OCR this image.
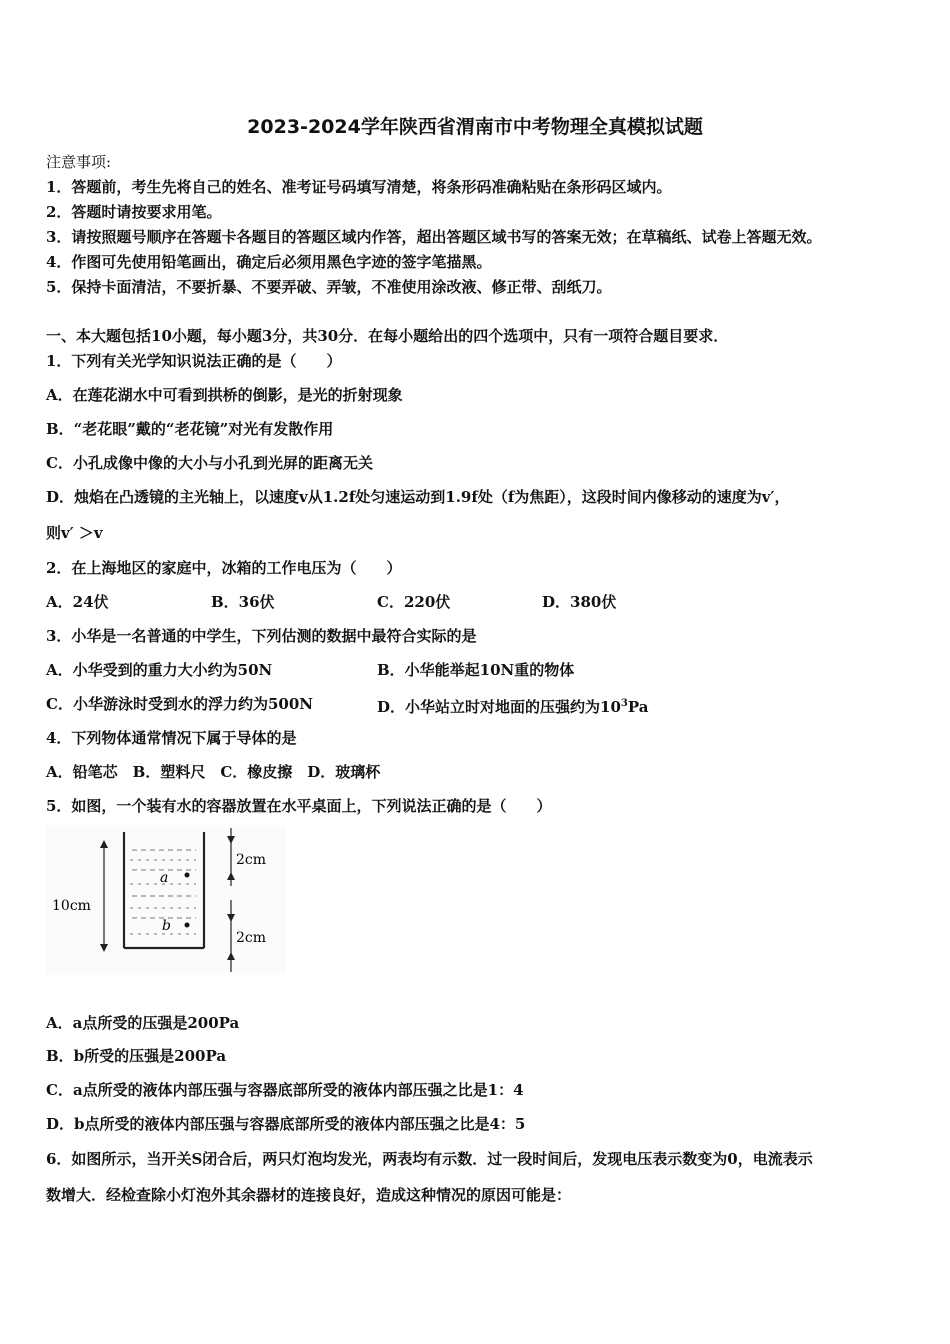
2023-2024学年陕西省渭南市中考物理全真模拟试题
注意事项:
1．答题前，考生先将自己的姓名、准考证号码填写清楚，将条形码准确粘贴在条形码区域内。
2．答题时请按要求用笔。
3．请按照题号顺序在答题卡各题目的答题区域内作答，超出答题区域书写的答案无效；在草稿纸、试卷上答题无效。
4．作图可先使用铅笔画出，确定后必须用黑色字迹的签字笔描黑。
5．保持卡面清洁，不要折暴、不要弄破、弄皱，不准使用涂改液、修正带、刮纸刀。
一、本大题包括10小题，每小题3分，共30分．在每小题给出的四个选项中，只有一项符合题目要求．
1．下列有关光学知识说法正确的是（　　）
A．在莲花湖水中可看到拱桥的倒影，是光的折射现象
B．“老花眼”戴的“老花镜”对光有发散作用
C．小孔成像中像的大小与小孔到光屏的距离无关
D．烛焰在凸透镜的主光轴上，以速度v从1.2f处匀速运动到1.9f处（f为焦距），这段时间内像移动的速度为v′，
则v′ ＞v
2．在上海地区的家庭中，冰箱的工作电压为（　　）
A．24伏	B．36伏	C．220伏	D．380伏
3．小华是一名普通的中学生，下列估测的数据中最符合实际的是
A．小华受到的重力大小约为50N	B．小华能举起10N重的物体
C．小华游泳时受到水的浮力约为500N	D．小华站立时对地面的压强约为$10^3Pa$
4．下列物体通常情况下属于导体的是
A．铅笔芯　B．塑料尺　C．橡皮擦　D．玻璃杯
5．如图，一个装有水的容器放置在水平桌面上，下列说法正确的是（　　）
a
b
10cm
2cm
2cm
A．a点所受的压强是200Pa
B．b所受的压强是200Pa
C．a点所受的液体内部压强与容器底部所受的液体内部压强之比是1：4
D．b点所受的液体内部压强与容器底部所受的液体内部压强之比是4：5
6．如图所示，当开关S闭合后，两只灯泡均发光，两表均有示数．过一段时间后，发现电压表示数变为0，电流表示
数增大．经检查除小灯泡外其余器材的连接良好，造成这种情况的原因可能是：
